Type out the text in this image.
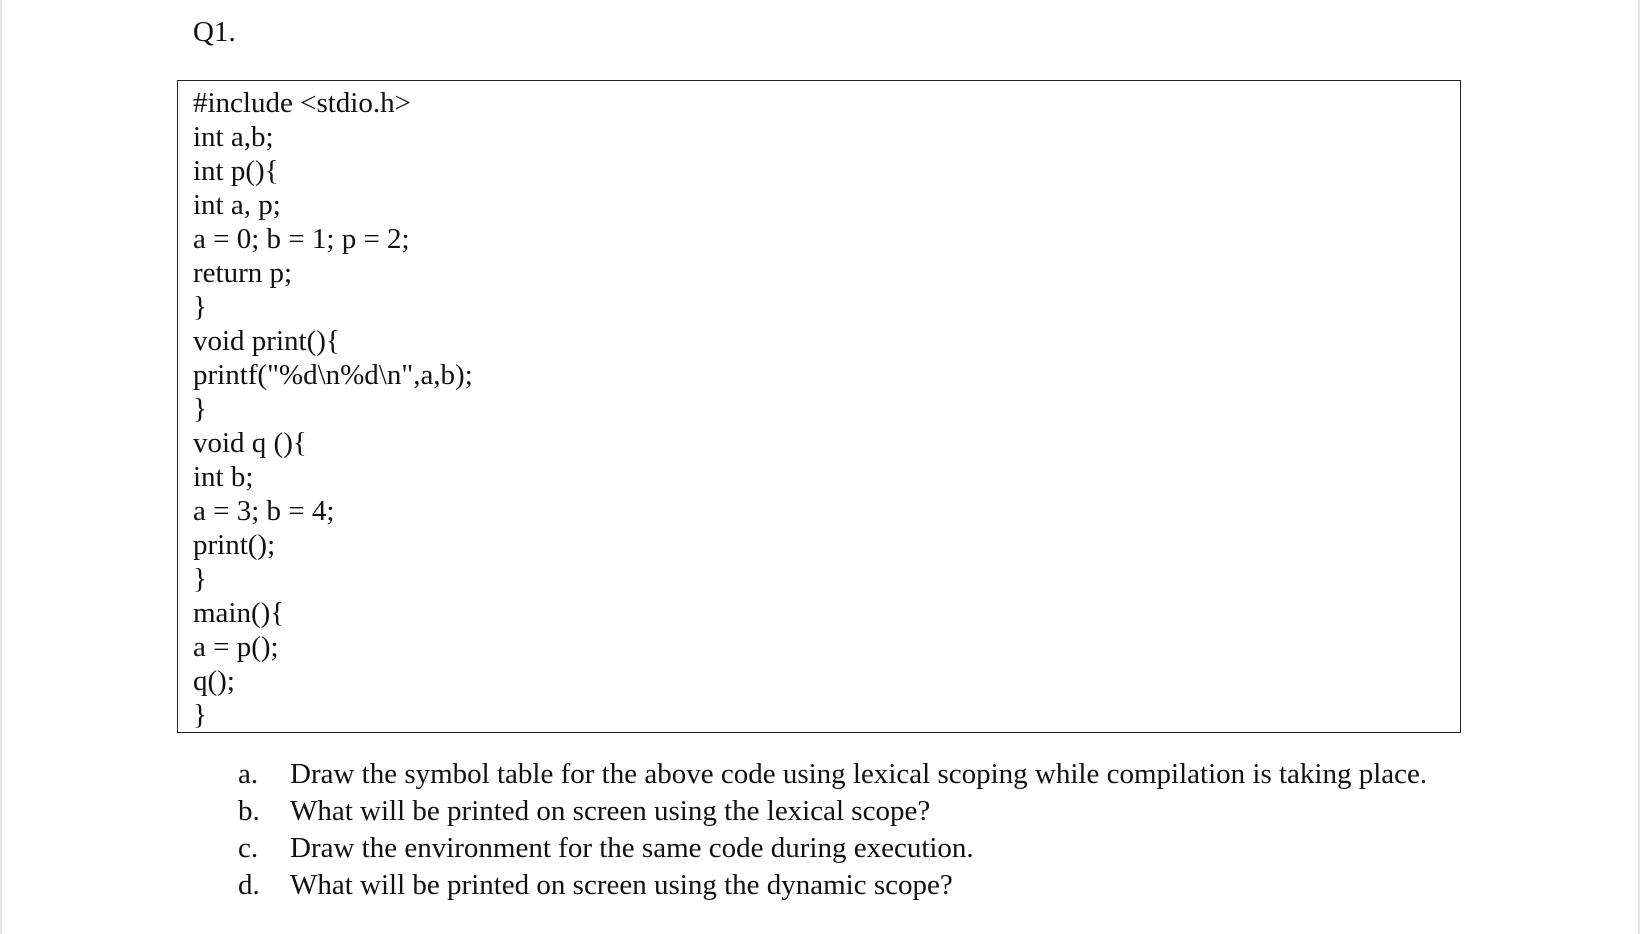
Q1.
#include <stdio.h>
int a,b;
int p(){
int a, p;
a = 0; b = 1; p = 2;
return p;
}
void print(){
printf("%d\n%d\n",a,b);
}
void q (){
int b;
a = 3; b = 4;
print();
}
main(){
a = p();
q();
}
a.	Draw the symbol table for the above code using lexical scoping while compilation is taking place.
b.	What will be printed on screen using the lexical scope?
c.	Draw the environment for the same code during execution.
d.	What will be printed on screen using the dynamic scope?
